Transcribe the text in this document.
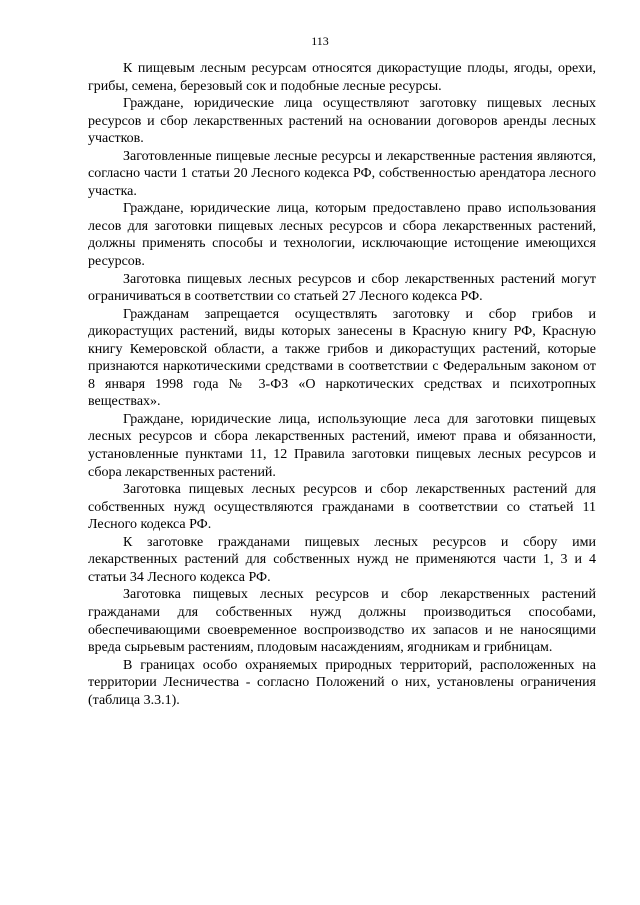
113

К пищевым лесным ресурсам относятся дикорастущие плоды, ягоды, орехи, грибы, семена, березовый сок и подобные лесные ресурсы.

Граждане, юридические лица осуществляют заготовку пищевых лесных ресурсов и сбор лекарственных растений на основании договоров аренды лесных участков.

Заготовленные пищевые лесные ресурсы и лекарственные растения являются, согласно части 1 статьи 20 Лесного кодекса РФ, собственностью арендатора лесного участка.

Граждане, юридические лица, которым предоставлено право использования лесов для заготовки пищевых лесных ресурсов и сбора лекарственных растений, должны применять способы и технологии, исключающие истощение имеющихся ресурсов.

Заготовка пищевых лесных ресурсов и сбор лекарственных растений могут ограничиваться в соответствии со статьей 27 Лесного кодекса РФ.

Гражданам запрещается осуществлять заготовку и сбор грибов и дикорастущих растений, виды которых занесены в Красную книгу РФ, Красную книгу Кемеровской области, а также грибов и дикорастущих растений, которые признаются наркотическими средствами в соответствии с Федеральным законом от 8 января 1998 года № 3-ФЗ «О наркотических средствах и психотропных веществах».

Граждане, юридические лица, использующие леса для заготовки пищевых лесных ресурсов и сбора лекарственных растений, имеют права и обязанности, установленные пунктами 11, 12 Правила заготовки пищевых лесных ресурсов и сбора лекарственных растений.

Заготовка пищевых лесных ресурсов и сбор лекарственных растений для собственных нужд осуществляются гражданами в соответствии со статьей 11 Лесного кодекса РФ.

К заготовке гражданами пищевых лесных ресурсов и сбору ими лекарственных растений для собственных нужд не применяются части 1, 3 и 4 статьи 34 Лесного кодекса РФ.

Заготовка пищевых лесных ресурсов и сбор лекарственных растений гражданами для собственных нужд должны производиться способами, обеспечивающими своевременное воспроизводство их запасов и не наносящими вреда сырьевым растениям, плодовым насаждениям, ягодникам и грибницам.

В границах особо охраняемых природных территорий, расположенных на территории Лесничества - согласно Положений о них, установлены ограничения (таблица 3.3.1).
